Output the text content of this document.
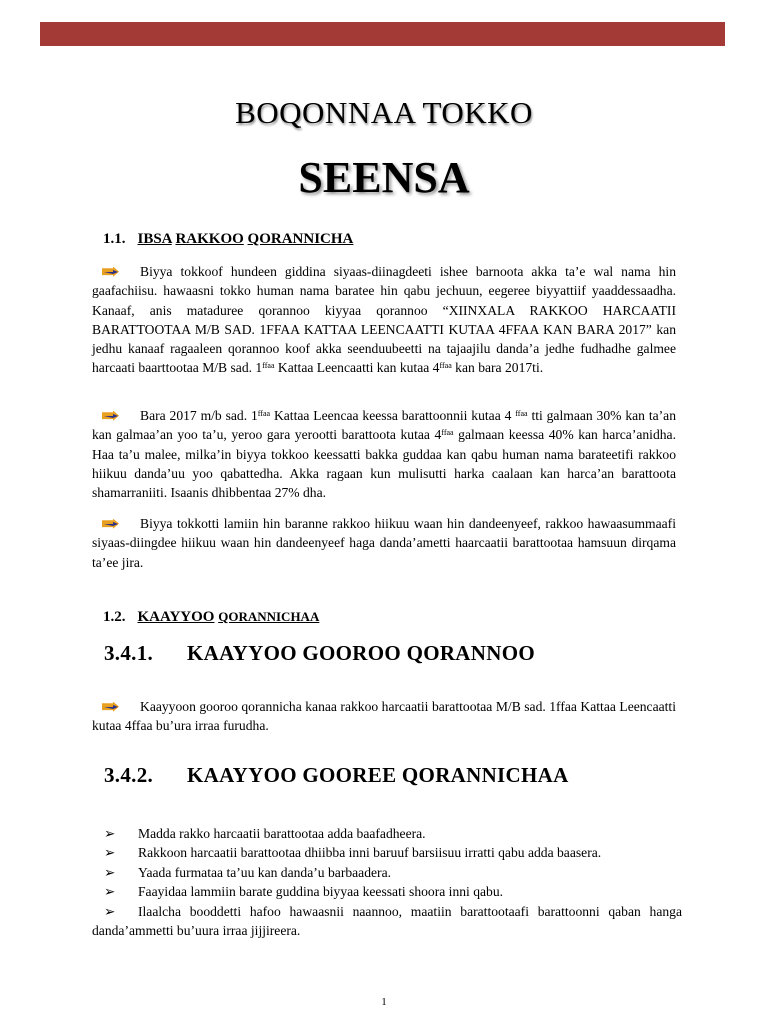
BOQONNAA TOKKO
SEENSA
1.1. IBSA RAKKOO QORANNICHA
Biyya tokkoof hundeen giddina siyaas-diinagdeeti ishee barnoota akka ta’e wal nama hin gaafachiisu. hawaasni tokko human nama baratee hin qabu jechuun, eegeree biyyattiif yaaddessaadha. Kanaaf, anis mataduree qorannoo kiyyaa qorannoo “XIINXALA RAKKOO HARCAATII BARATTOOTAA M/B SAD. 1FFAA KATTAA LEENCAATTI KUTAA 4FFAA KAN BARA 2017” kan jedhu kanaaf ragaaleen qorannoo koof akka seenduubeetti na tajaajilu danda’a jedhe fudhadhe galmee harcaati baarttootaa M/B sad. $1^{ffaa}$ Kattaa Leencaatti kan kutaa $4^{ffaa}$ kan bara 2017ti.
Bara 2017 m/b sad. $1^{ffaa}$ Kattaa Leencaa keessa barattoonnii kutaa 4 $^{ffaa}$ tti galmaan 30% kan ta’an kan galmaa’an yoo ta’u, yeroo gara yerootti barattoota kutaa $4^{ffaa}$ galmaan keessa 40% kan harca’anidha. Haa ta’u malee, milka’in biyya tokkoo keessatti bakka guddaa kan qabu human nama barateetifi rakkoo hiikuu danda’uu yoo qabattedha. Akka ragaan kun mulisutti harka caalaan kan harca’an barattoota shamarraniiti. Isaanis dhibbentaa 27% dha.
Biyya tokkotti lamiin hin baranne rakkoo hiikuu waan hin dandeenyeef, rakkoo hawaasummaafi siyaas-diingdee hiikuu waan hin dandeenyeef haga danda’ametti haarcaatii barattootaa hamsuun dirqama ta’ee jira.
1.2. KAAYYOO QORANNICHAA
3.4.1. KAAYYOO GOOROO QORANNOO
Kaayyoon gooroo qorannicha kanaa rakkoo harcaatii barattootaa M/B sad. 1ffaa Kattaa Leencaatti kutaa 4ffaa bu’ura irraa furudha.
3.4.2. KAAYYOO GOOREE QORANNICHAA
➢ Madda rakko harcaatii barattootaa adda baafadheera.
➢ Rakkoon harcaatii barattootaa dhiibba inni baruuf barsiisuu irratti qabu adda baasera.
➢ Yaada furmataa ta’uu kan danda’u barbaadera.
➢ Faayidaa lammiin barate guddina biyyaa keessati shoora inni qabu.
➢ Ilaalcha booddetti hafoo hawaasnii naannoo, maatiin barattootaafi barattoonni qaban hanga danda’ammetti bu’uura irraa jijjireera.
1
